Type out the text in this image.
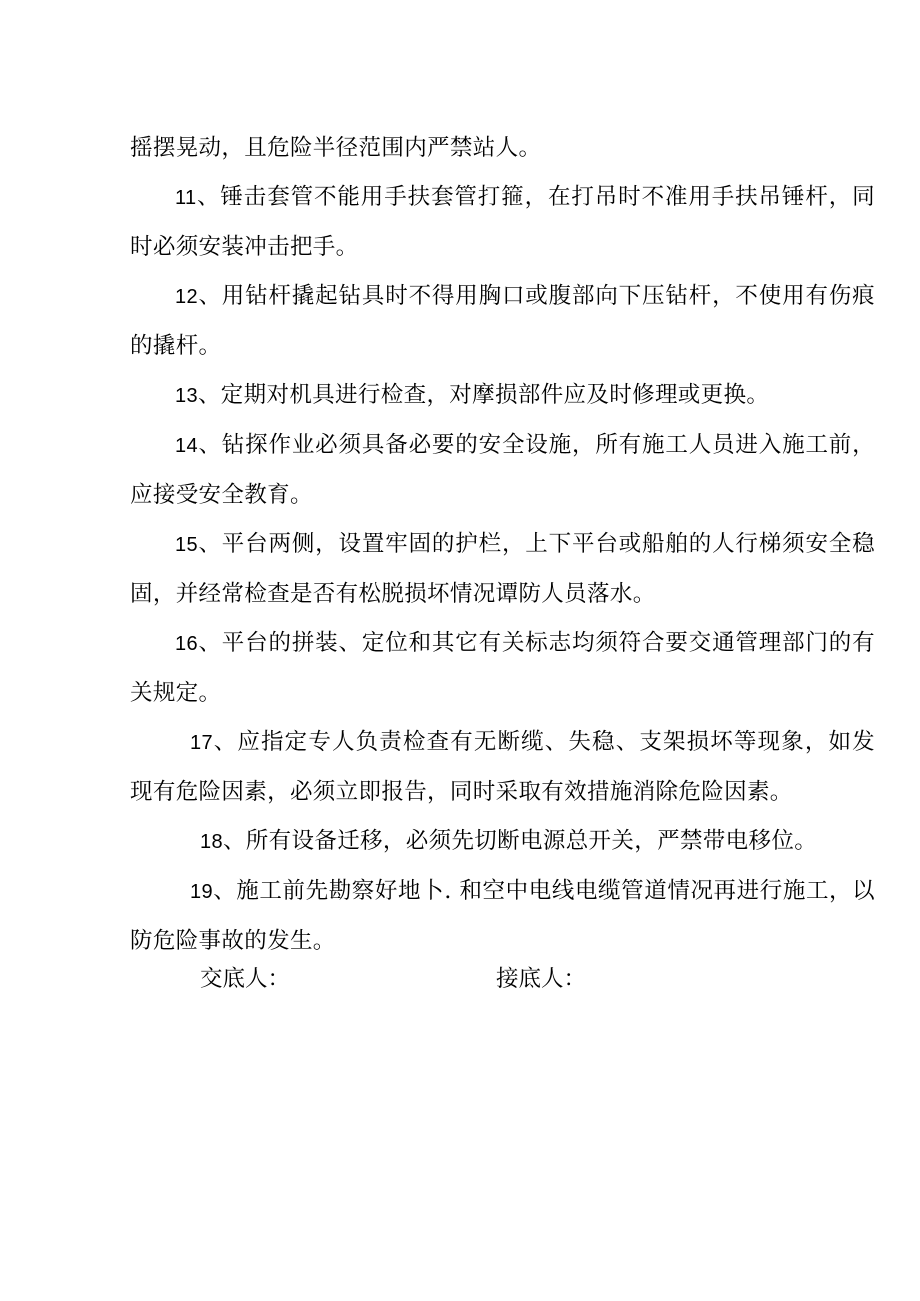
摇摆晃动，且危险半径范围内严禁站人。

11、锤击套管不能用手扶套管打箍，在打吊时不准用手扶吊锤杆，同时必须安装冲击把手。

12、用钻杆撬起钻具时不得用胸口或腹部向下压钻杆，不使用有伤痕的撬杆。

13、定期对机具进行检查，对摩损部件应及时修理或更换。

14、钻探作业必须具备必要的安全设施，所有施工人员进入施工前，应接受安全教育。

15、平台两侧，设置牢固的护栏，上下平台或船舶的人行梯须安全稳固，并经常检查是否有松脱损坏情况谭防人员落水。

16、平台的拼装、定位和其它有关标志均须符合要交通管理部门的有关规定。

17、应指定专人负责检查有无断缆、失稳、支架损坏等现象，如发现有危险因素，必须立即报告，同时采取有效措施消除危险因素。

18、所有设备迁移，必须先切断电源总开关，严禁带电移位。

19、施工前先勘察好地卜. 和空中电线电缆管道情况再进行施工，以防危险事故的发生。

交底人：	接底人：
